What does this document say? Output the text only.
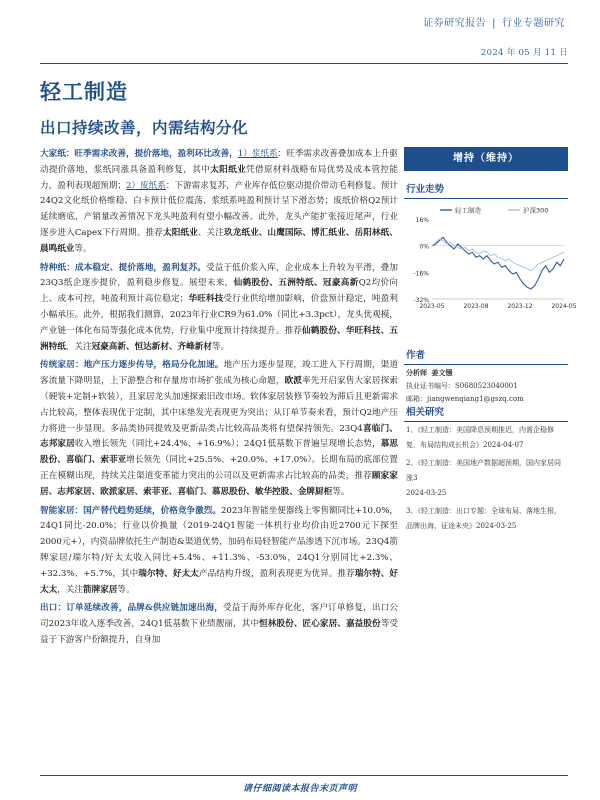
证券研究报告 | 行业专题研究
2024 年 05 月 11 日
轻工制造
出口持续改善，内需结构分化

大家纸：旺季需求改善，提价落地，盈利环比改善，1）浆纸系：旺季需求改善叠加成本上升驱动提价落地，浆纸同涨具备盈利修复，其中太阳纸业凭借原材料战略布局优势及成本管控能力，盈利表现超预期；2）废纸系：下游需求复苏，产业库存低位驱动提价带动毛利修复。预计24Q2文化纸价格维稳、白卡预计低位震荡、浆纸系吨盈利预计呈下滑态势；废纸价格Q2预计延续磨底，产销量改善情况下龙头吨盈利有望小幅改善。此外，龙头产能扩张接近尾声，行业逐步进入Capex下行周期。推荐太阳纸业、关注玖龙纸业、山鹰国际、博汇纸业、岳阳林纸、晨鸣纸业等。

特种纸：成本稳定、提价落地，盈利复苏。受益于低价浆入库，企业成本上升较为平滑，叠加23Q3纸企逐步提价，盈利稳步修复。展望未来，仙鹤股份、五洲特纸、冠豪高新Q2均价向上、成本可控，吨盈利预计高位稳定；华旺科技受行业供给增加影响，价盘预计稳定，吨盈利小幅承压。此外，根据我们测算，2023年行业CR9为61.0%（同比+3.3pct），龙头优观模，产业链一体化布局等强化成本优势，行业集中度预计持续提升。推荐仙鹤股份、华旺科技、五洲特纸，关注冠豪高新、恒达新材、齐峰新材等。

传统家居：地产压力逐步传导，格局分化加速。地产压力逐步显现，竣工进入下行周期，渠道客流量下降明显，上下游整合和存量房市场扩张成为核心命题，欧派率先开启家售大家居探索（硬装+定制+软装），且家居龙头加速探索旧改市场。软体家居装修节奏较为滞后且更新需求占比较高，整体表现优于定制，其中床垫发光表现更为突出；从订单节奏来看，预计Q2地产压力将进一步显现。多品类协同提效及更新品类占比较高品类将有望保持领先。23Q4喜临门、志邦家居收入增长领先（同比+24.4%、+16.9%）；24Q1低基数下普遍呈现增长态势，慕思股份、喜临门、索菲亚增长领先（同比+25.5%、+20.0%、+17.0%）。长期布局的底部位置正在模糊出现，持续关注渠道变革能力突出的公司以及更新需求占比较高的品类，推荐顾家家居、志邦家居、欧派家居、索菲亚、喜临门、慕思股份、敏华控股、金牌厨柜等。

智能家居：国产替代趋势延续，价格竞争激烈。2023年智能坐便器线上零售额同比+10.0%，24Q1同比-20.0%；行业以价换量（2019-24Q1智能一体机行业均价由近2700元下探至2000元+），内资品牌依托生产制造&渠道优势，加码布局轻智能产品渗透下沉市场。23Q4箭牌家居/瑞尔特/好太太收入同比+5.4%、+11.3%、-53.0%，24Q1分别同比+2.3%、+32.3%、+5.7%，其中瑞尔特、好太太产品结构升级，盈利表现更为优异。推荐瑞尔特、好太太，关注箭牌家居等。

出口：订单延续改善，品牌&供应链加速出海，受益于海外库存化化，客户订单修复，出口公司2023年收入逐季改善，24Q1低基数下业绩靓丽，其中恒林股份、匠心家居、嘉益股份等受益于下游客户份额提升，自身加

增持（维持）
行业走势
16%
0%
-16%
-32%
2023-05	2023-08	2023-12	2024-05
轻工制造	沪深300
作者
分析师 姜文镪
执业证书编号：S0680523040001
邮箱：jiangwenqiang1@gszq.com
相关研究
1、《轻工制造：美国降息预期推迟，内需企稳修复，布局结构成长机会》2024-04-07
2、《轻工制造：美国地产数据超预期，国内家居同涨3
2024-03-25
3、《轻工制造：出口专题：全球布局、落地生根，品牌出海、征途未央》2024-03-25
请仔细阅读本报告末页声明
